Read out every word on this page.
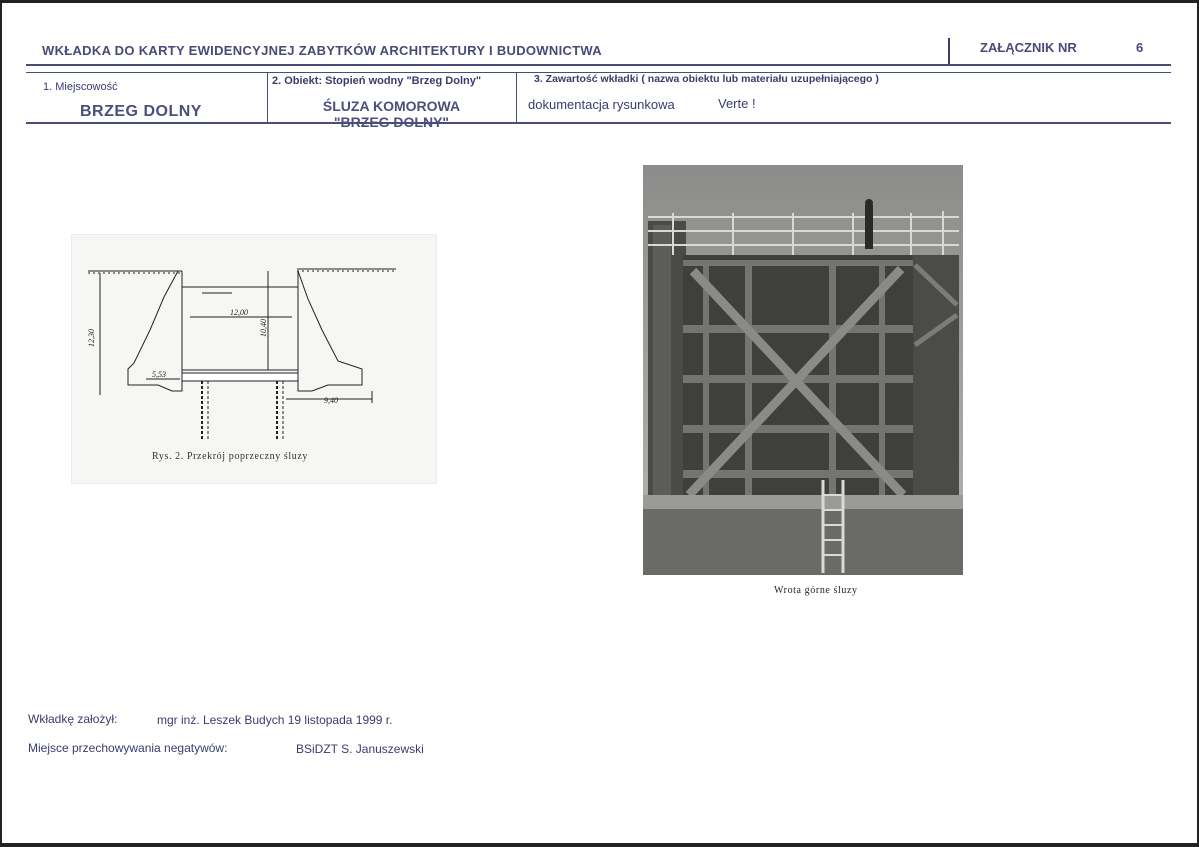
WKŁADKA DO KARTY EWIDENCYJNEJ ZABYTKÓW ARCHITEKTURY I BUDOWNICTWA	ZAŁĄCZNIK NR	6
1. Miejscowość
BRZEG DOLNY
2. Obiekt: Stopień wodny "Brzeg Dolny"
ŚLUZA KOMOROWA
"BRZEG DOLNY"
3. Zawartość wkładki ( nazwa obiektu lub materiału uzupełniającego )
dokumentacja rysunkowa	Verte !
12,00
12,30
10,40
5,53
9,40
Rys. 2. Przekrój poprzeczny śluzy
Wrota górne śluzy
Wkładkę założył:	mgr inż. Leszek Budych 19 listopada 1999 r.
Miejsce przechowywania negatywów:	BSiDZT S. Januszewski
